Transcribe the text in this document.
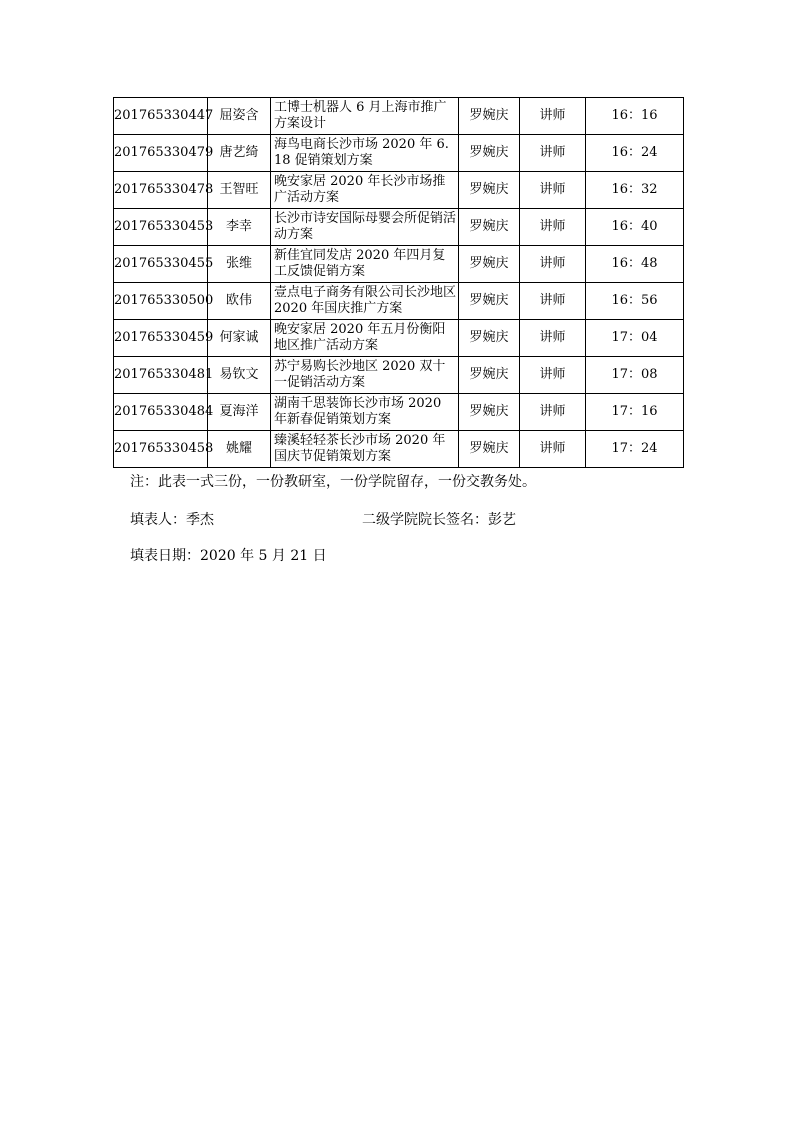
201765330447	屈姿含	工博士机器人 6 月上海市推广方案设计	罗婉庆	讲师	16：16
201765330479	唐艺绮	海鸟电商长沙市场 2020 年 6.18 促销策划方案	罗婉庆	讲师	16：24
201765330478	王智旺	晚安家居 2020 年长沙市场推广活动方案	罗婉庆	讲师	16：32
201765330453	李幸	长沙市诗安国际母婴会所促销活动方案	罗婉庆	讲师	16：40
201765330455	张维	新佳宜同发店 2020 年四月复工反馈促销方案	罗婉庆	讲师	16：48
201765330500	欧伟	壹点电子商务有限公司长沙地区 2020 年国庆推广方案	罗婉庆	讲师	16：56
201765330459	何家诚	晚安家居 2020 年五月份衡阳地区推广活动方案	罗婉庆	讲师	17：04
201765330481	易钦文	苏宁易购长沙地区 2020 双十一促销活动方案	罗婉庆	讲师	17：08
201765330484	夏海洋	湖南千思装饰长沙市场 2020 年新春促销策划方案	罗婉庆	讲师	17：16
201765330458	姚耀	臻溪轻轻茶长沙市场 2020 年国庆节促销策划方案	罗婉庆	讲师	17：24
注：此表一式三份，一份教研室，一份学院留存，一份交教务处。
填表人：季杰	二级学院院长签名：彭艺
填表日期：2020 年 5 月 21 日
